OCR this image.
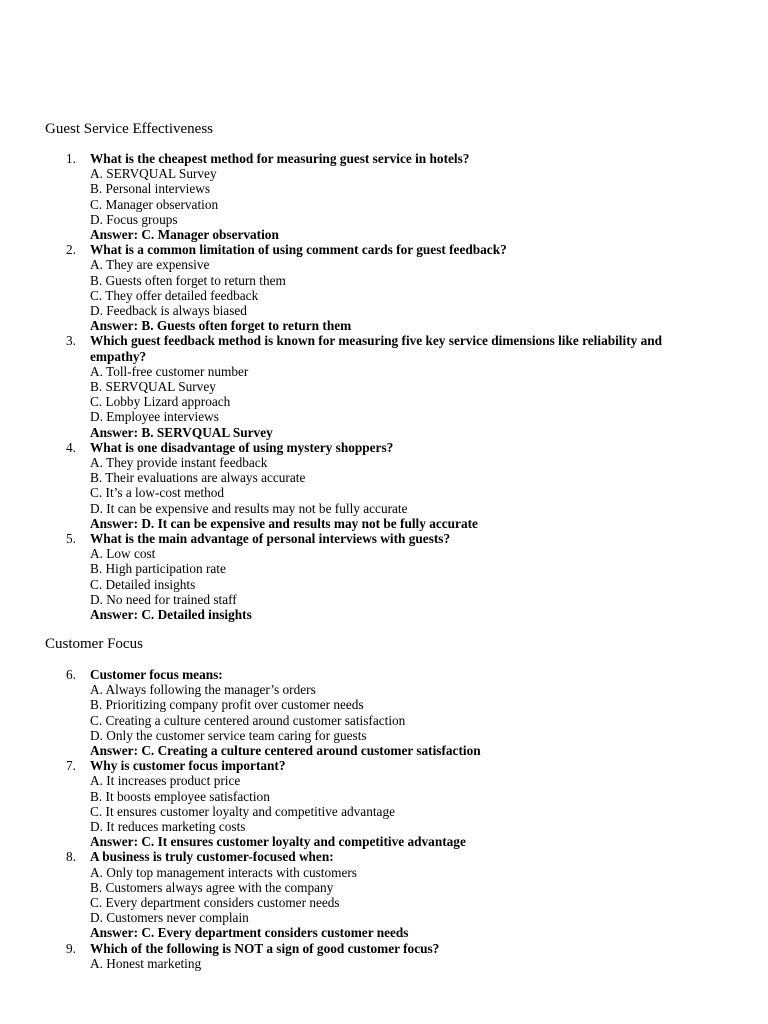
Guest Service Effectiveness
1.	What is the cheapest method for measuring guest service in hotels?
A. SERVQUAL Survey
B. Personal interviews
C. Manager observation
D. Focus groups
Answer: C. Manager observation
2.	What is a common limitation of using comment cards for guest feedback?
A. They are expensive
B. Guests often forget to return them
C. They offer detailed feedback
D. Feedback is always biased
Answer: B. Guests often forget to return them
3.	Which guest feedback method is known for measuring five key service dimensions like reliability and empathy?
A. Toll-free customer number
B. SERVQUAL Survey
C. Lobby Lizard approach
D. Employee interviews
Answer: B. SERVQUAL Survey
4.	What is one disadvantage of using mystery shoppers?
A. They provide instant feedback
B. Their evaluations are always accurate
C. It’s a low-cost method
D. It can be expensive and results may not be fully accurate
Answer: D. It can be expensive and results may not be fully accurate
5.	What is the main advantage of personal interviews with guests?
A. Low cost
B. High participation rate
C. Detailed insights
D. No need for trained staff
Answer: C. Detailed insights
Customer Focus
6.	Customer focus means:
A. Always following the manager’s orders
B. Prioritizing company profit over customer needs
C. Creating a culture centered around customer satisfaction
D. Only the customer service team caring for guests
Answer: C. Creating a culture centered around customer satisfaction
7.	Why is customer focus important?
A. It increases product price
B. It boosts employee satisfaction
C. It ensures customer loyalty and competitive advantage
D. It reduces marketing costs
Answer: C. It ensures customer loyalty and competitive advantage
8.	A business is truly customer-focused when:
A. Only top management interacts with customers
B. Customers always agree with the company
C. Every department considers customer needs
D. Customers never complain
Answer: C. Every department considers customer needs
9.	Which of the following is NOT a sign of good customer focus?
A. Honest marketing
